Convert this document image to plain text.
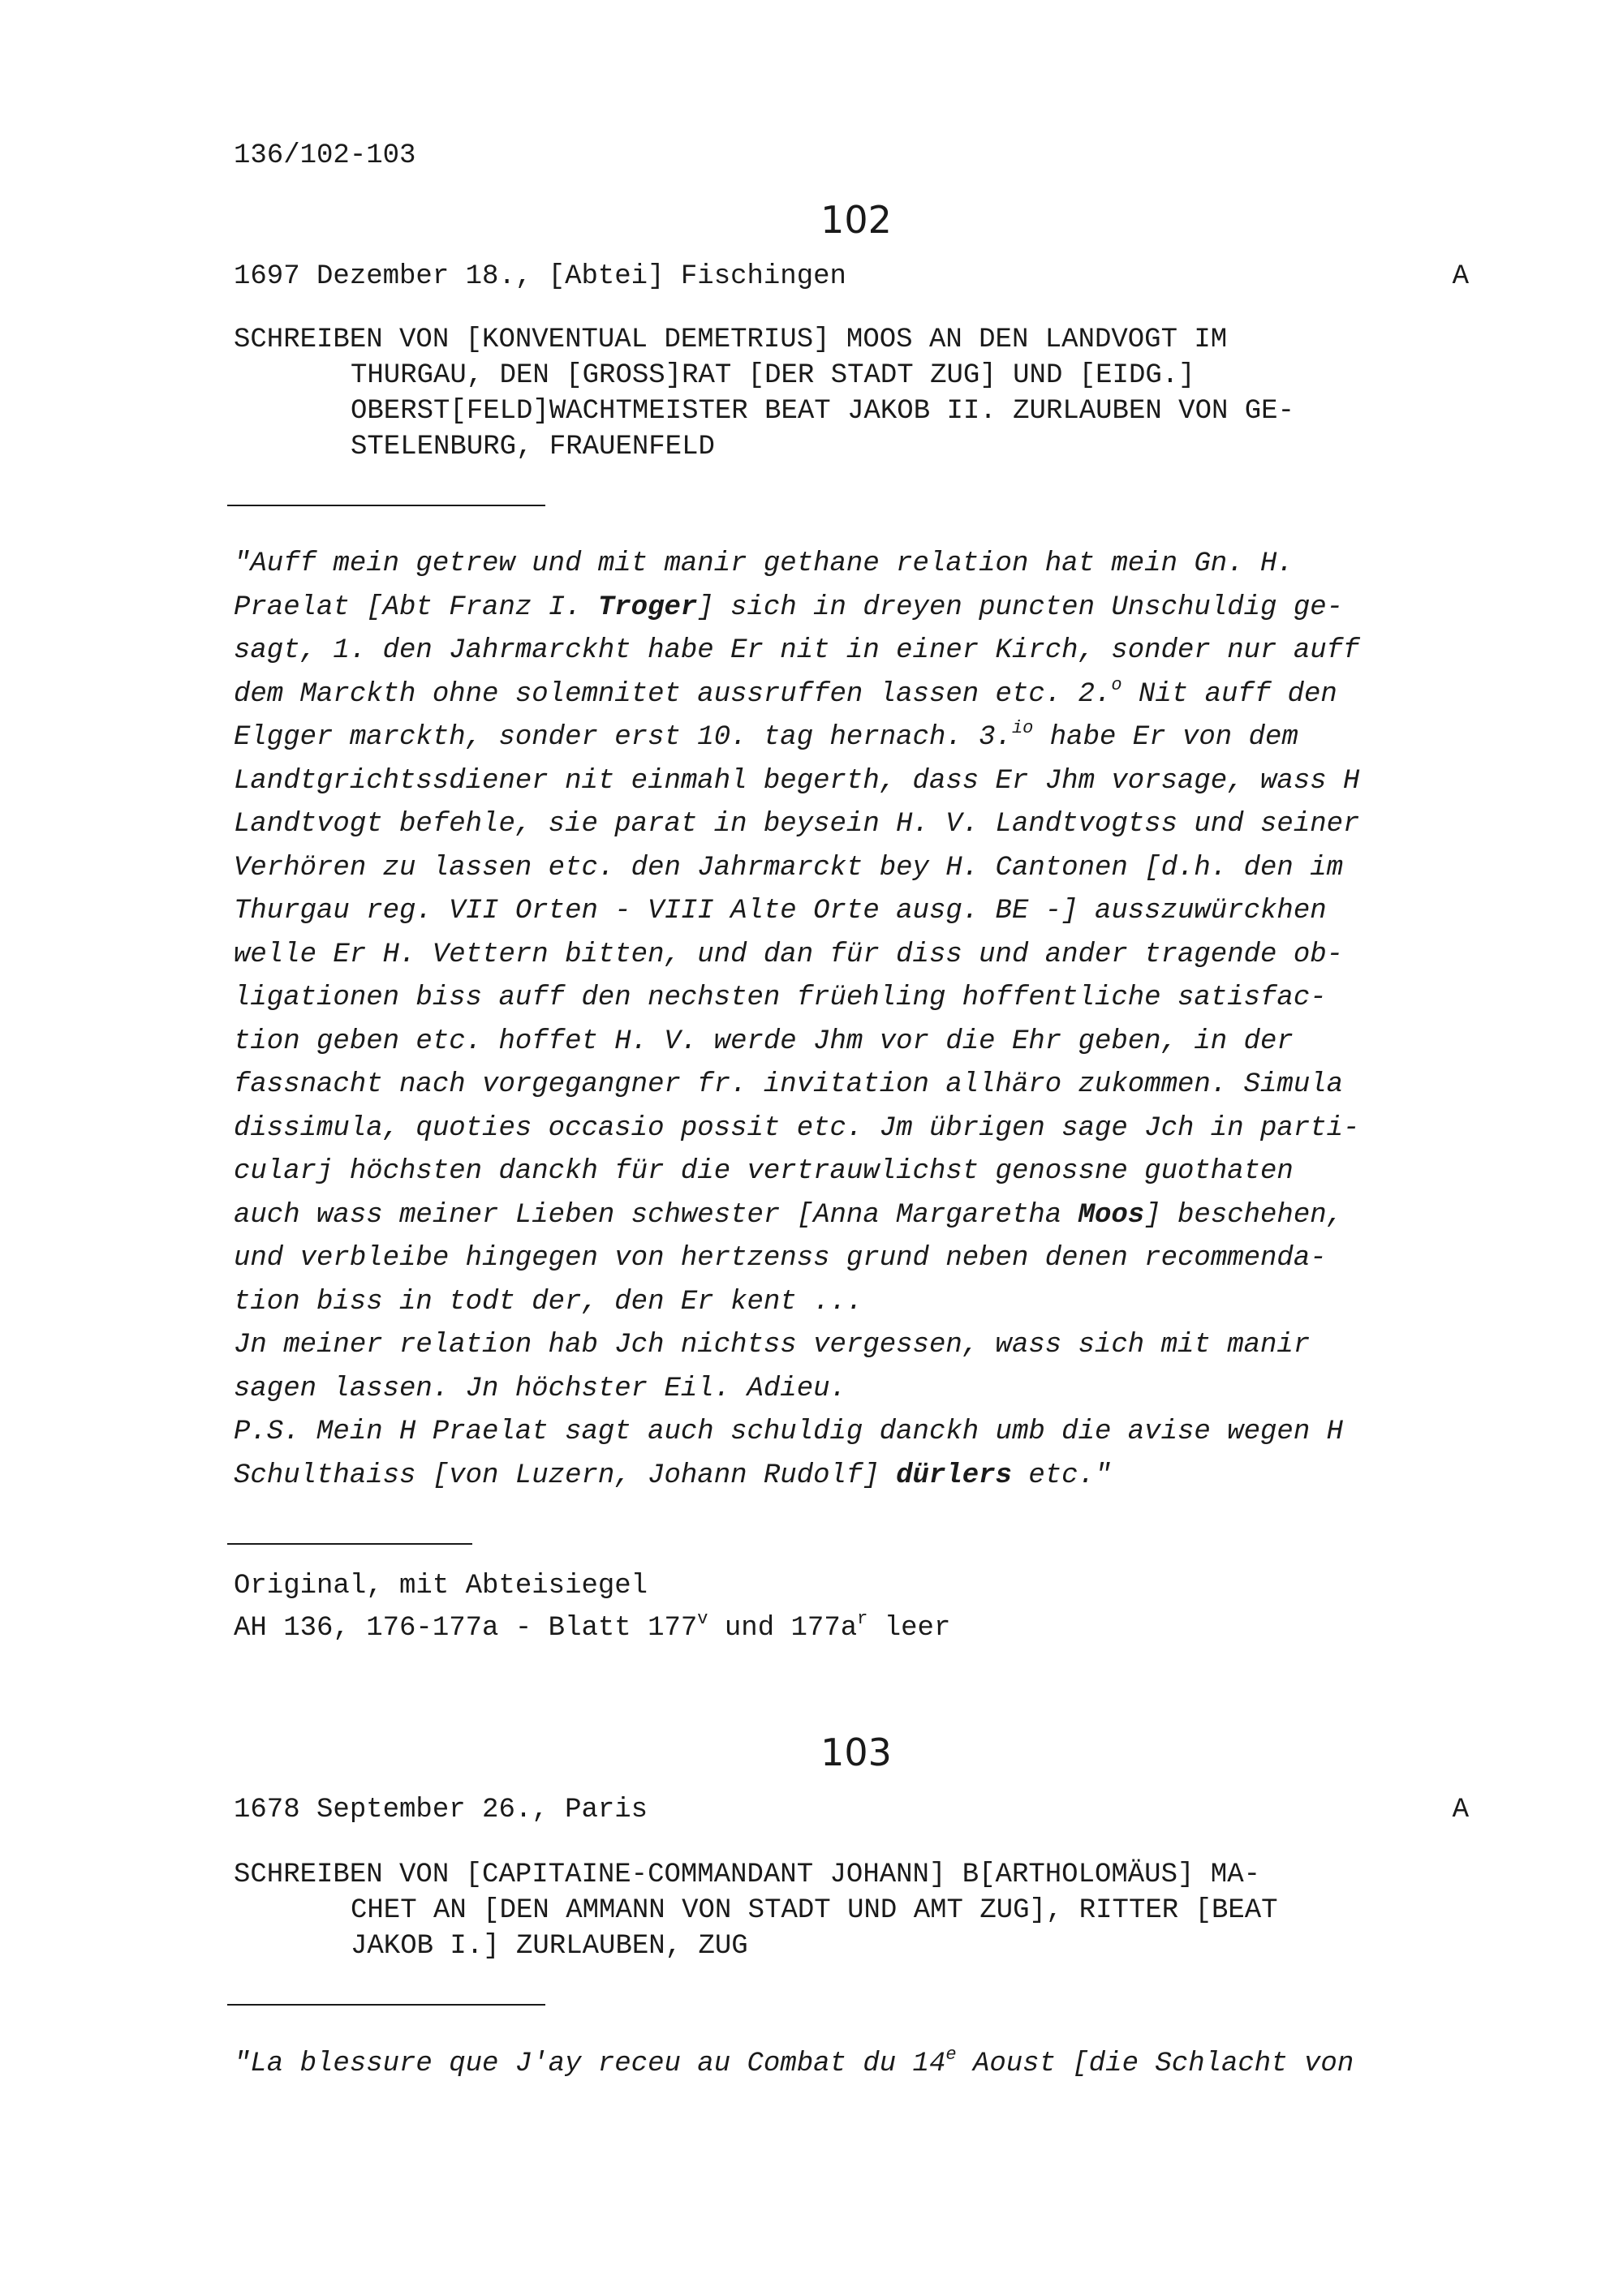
136/102-103
102
1697 Dezember 18., [Abtei] Fischingen	A
SCHREIBEN VON [KONVENTUAL DEMETRIUS] MOOS AN DEN LANDVOGT IM
THURGAU, DEN [GROSS]RAT [DER STADT ZUG] UND [EIDG.]
OBERST[FELD]WACHTMEISTER BEAT JAKOB II. ZURLAUBEN VON GE-
STELENBURG, FRAUENFELD
"Auff mein getrew und mit manir gethane relation hat mein Gn. H.
Praelat [Abt Franz I. Troger] sich in dreyen puncten Unschuldig ge-
sagt, 1. den Jahrmarckht habe Er nit in einer Kirch, sonder nur auff
dem Marckth ohne solemnitet aussruffen lassen etc. 2.$^o$ Nit auff den
Elgger marckth, sonder erst 10. tag hernach. 3.$^{io}$ habe Er von dem
Landtgrichtssdiener nit einmahl begerth, dass Er Jhm vorsage, wass H
Landtvogt befehle, sie parat in beysein H. V. Landtvogtss und seiner
Verhören zu lassen etc. den Jahrmarckt bey H. Cantonen [d.h. den im
Thurgau reg. VII Orten - VIII Alte Orte ausg. BE -] ausszuwürckhen
welle Er H. Vettern bitten, und dan für diss und ander tragende ob-
ligationen biss auff den nechsten früehling hoffentliche satisfac-
tion geben etc. hoffet H. V. werde Jhm vor die Ehr geben, in der
fassnacht nach vorgegangner fr. invitation allhäro zukommen. Simula
dissimula, quoties occasio possit etc. Jm übrigen sage Jch in parti-
cularj höchsten danckh für die vertrauwlichst genossne guothaten
auch wass meiner Lieben schwester [Anna Margaretha Moos] beschehen,
und verbleibe hingegen von hertzenss grund neben denen recommenda-
tion biss in todt der, den Er kent ...
Jn meiner relation hab Jch nichtss vergessen, wass sich mit manir
sagen lassen. Jn höchster Eil. Adieu.
P.S. Mein H Praelat sagt auch schuldig danckh umb die avise wegen H
Schulthaiss [von Luzern, Johann Rudolf] dürlers etc."
Original, mit Abteisiegel
AH 136, 176-177a - Blatt 177$^v$ und $177a^r$ leer
103
1678 September 26., Paris	A
SCHREIBEN VON [CAPITAINE-COMMANDANT JOHANN] B[ARTHOLOMÄUS] MA-
CHET AN [DEN AMMANN VON STADT UND AMT ZUG], RITTER [BEAT
JAKOB I.] ZURLAUBEN, ZUG
"La blessure que J'ay receu au Combat du 14e Aoust [die Schlacht von
